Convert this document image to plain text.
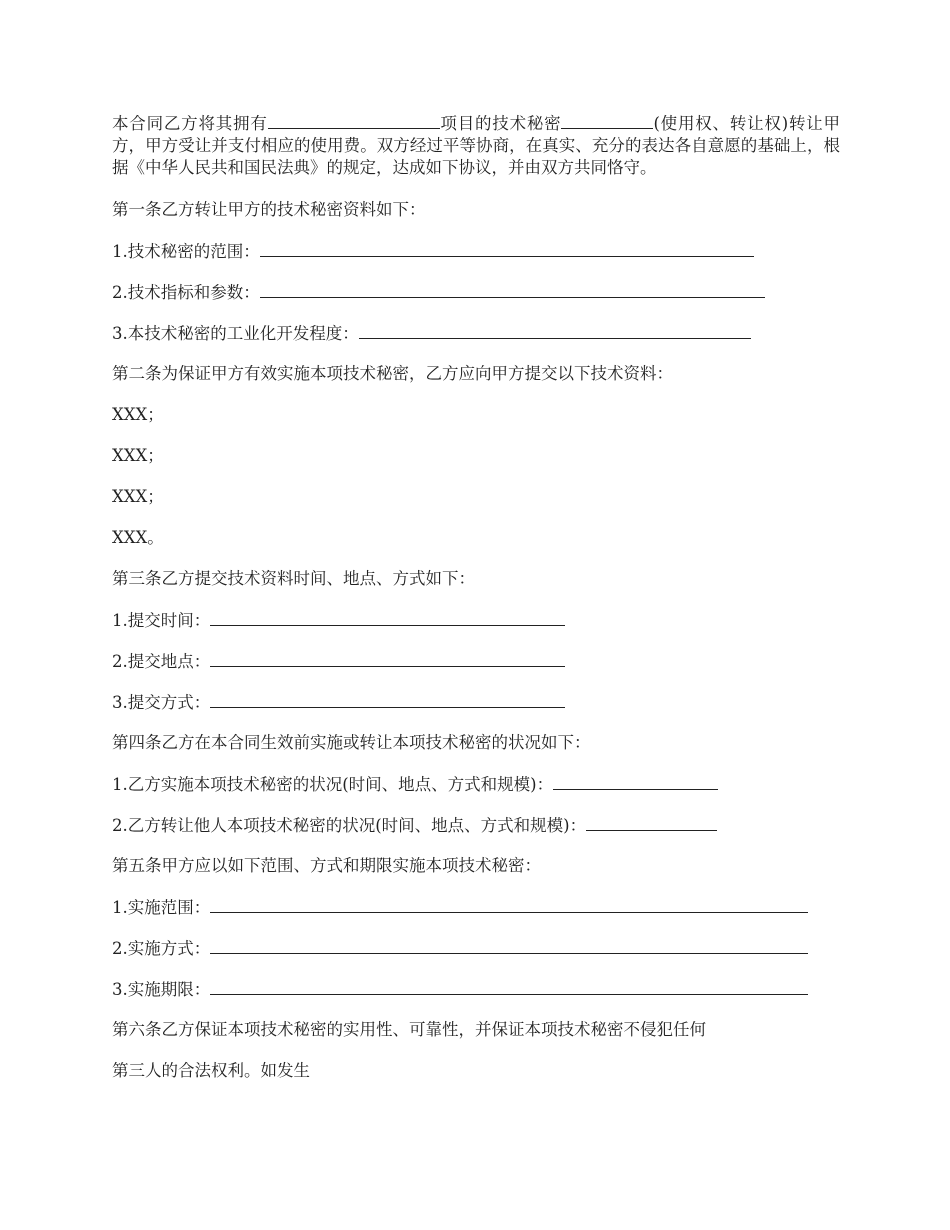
本合同乙方将其拥有	项目的技术秘密	(使用权、转让权)转让甲方，甲方受让并支付相应的使用费。双方经过平等协商，在真实、充分的表达各自意愿的基础上，根据《中华人民共和国民法典》的规定，达成如下协议，并由双方共同恪守。

第一条乙方转让甲方的技术秘密资料如下：
1.技术秘密的范围：
2.技术指标和参数：
3.本技术秘密的工业化开发程度：
第二条为保证甲方有效实施本项技术秘密，乙方应向甲方提交以下技术资料：
XXX；
XXX；
XXX；
XXX。
第三条乙方提交技术资料时间、地点、方式如下：
1.提交时间：
2.提交地点：
3.提交方式：
第四条乙方在本合同生效前实施或转让本项技术秘密的状况如下：
1.乙方实施本项技术秘密的状况(时间、地点、方式和规模)：
2.乙方转让他人本项技术秘密的状况(时间、地点、方式和规模)：
第五条甲方应以如下范围、方式和期限实施本项技术秘密：
1.实施范围：
2.实施方式：
3.实施期限：
第六条乙方保证本项技术秘密的实用性、可靠性，并保证本项技术秘密不侵犯任何
第三人的合法权利。如发生
